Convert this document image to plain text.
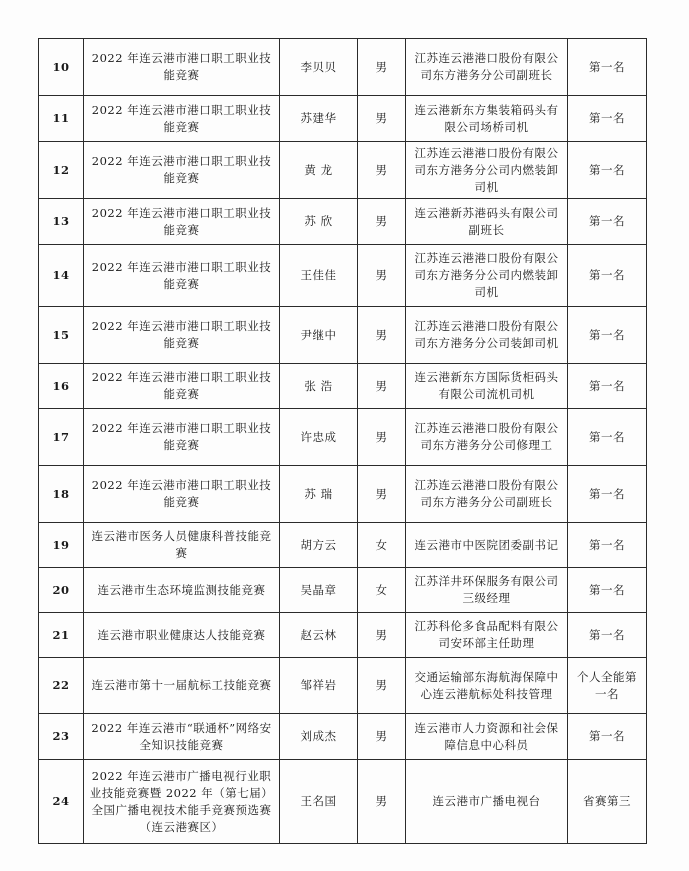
10	2022 年连云港市港口职工职业技能竞赛	李贝贝	男	江苏连云港港口股份有限公司东方港务分公司副班长	第一名
11	2022 年连云港市港口职工职业技能竞赛	苏建华	男	连云港新东方集装箱码头有限公司场桥司机	第一名
12	2022 年连云港市港口职工职业技能竞赛	黄 龙	男	江苏连云港港口股份有限公司东方港务分公司内燃装卸司机	第一名
13	2022 年连云港市港口职工职业技能竞赛	苏 欣	男	连云港新苏港码头有限公司副班长	第一名
14	2022 年连云港市港口职工职业技能竞赛	王佳佳	男	江苏连云港港口股份有限公司东方港务分公司内燃装卸司机	第一名
15	2022 年连云港市港口职工职业技能竞赛	尹继中	男	江苏连云港港口股份有限公司东方港务分公司装卸司机	第一名
16	2022 年连云港市港口职工职业技能竞赛	张 浩	男	连云港新东方国际货柜码头有限公司流机司机	第一名
17	2022 年连云港市港口职工职业技能竞赛	许忠成	男	江苏连云港港口股份有限公司东方港务分公司修理工	第一名
18	2022 年连云港市港口职工职业技能竞赛	苏 瑞	男	江苏连云港港口股份有限公司东方港务分公司副班长	第一名
19	连云港市医务人员健康科普技能竞赛	胡方云	女	连云港市中医院团委副书记	第一名
20	连云港市生态环境监测技能竞赛	吴晶章	女	江苏洋井环保服务有限公司三级经理	第一名
21	连云港市职业健康达人技能竞赛	赵云林	男	江苏科伦多食品配料有限公司安环部主任助理	第一名
22	连云港市第十一届航标工技能竞赛	邹祥岩	男	交通运输部东海航海保障中心连云港航标处科技管理	个人全能第一名
23	2022 年连云港市“联通杯”网络安全知识技能竞赛	刘成杰	男	连云港市人力资源和社会保障信息中心科员	第一名
24	2022 年连云港市广播电视行业职业技能竞赛暨 2022 年（第七届）全国广播电视技术能手竞赛预选赛（连云港赛区）	王名国	男	连云港市广播电视台	省赛第三
